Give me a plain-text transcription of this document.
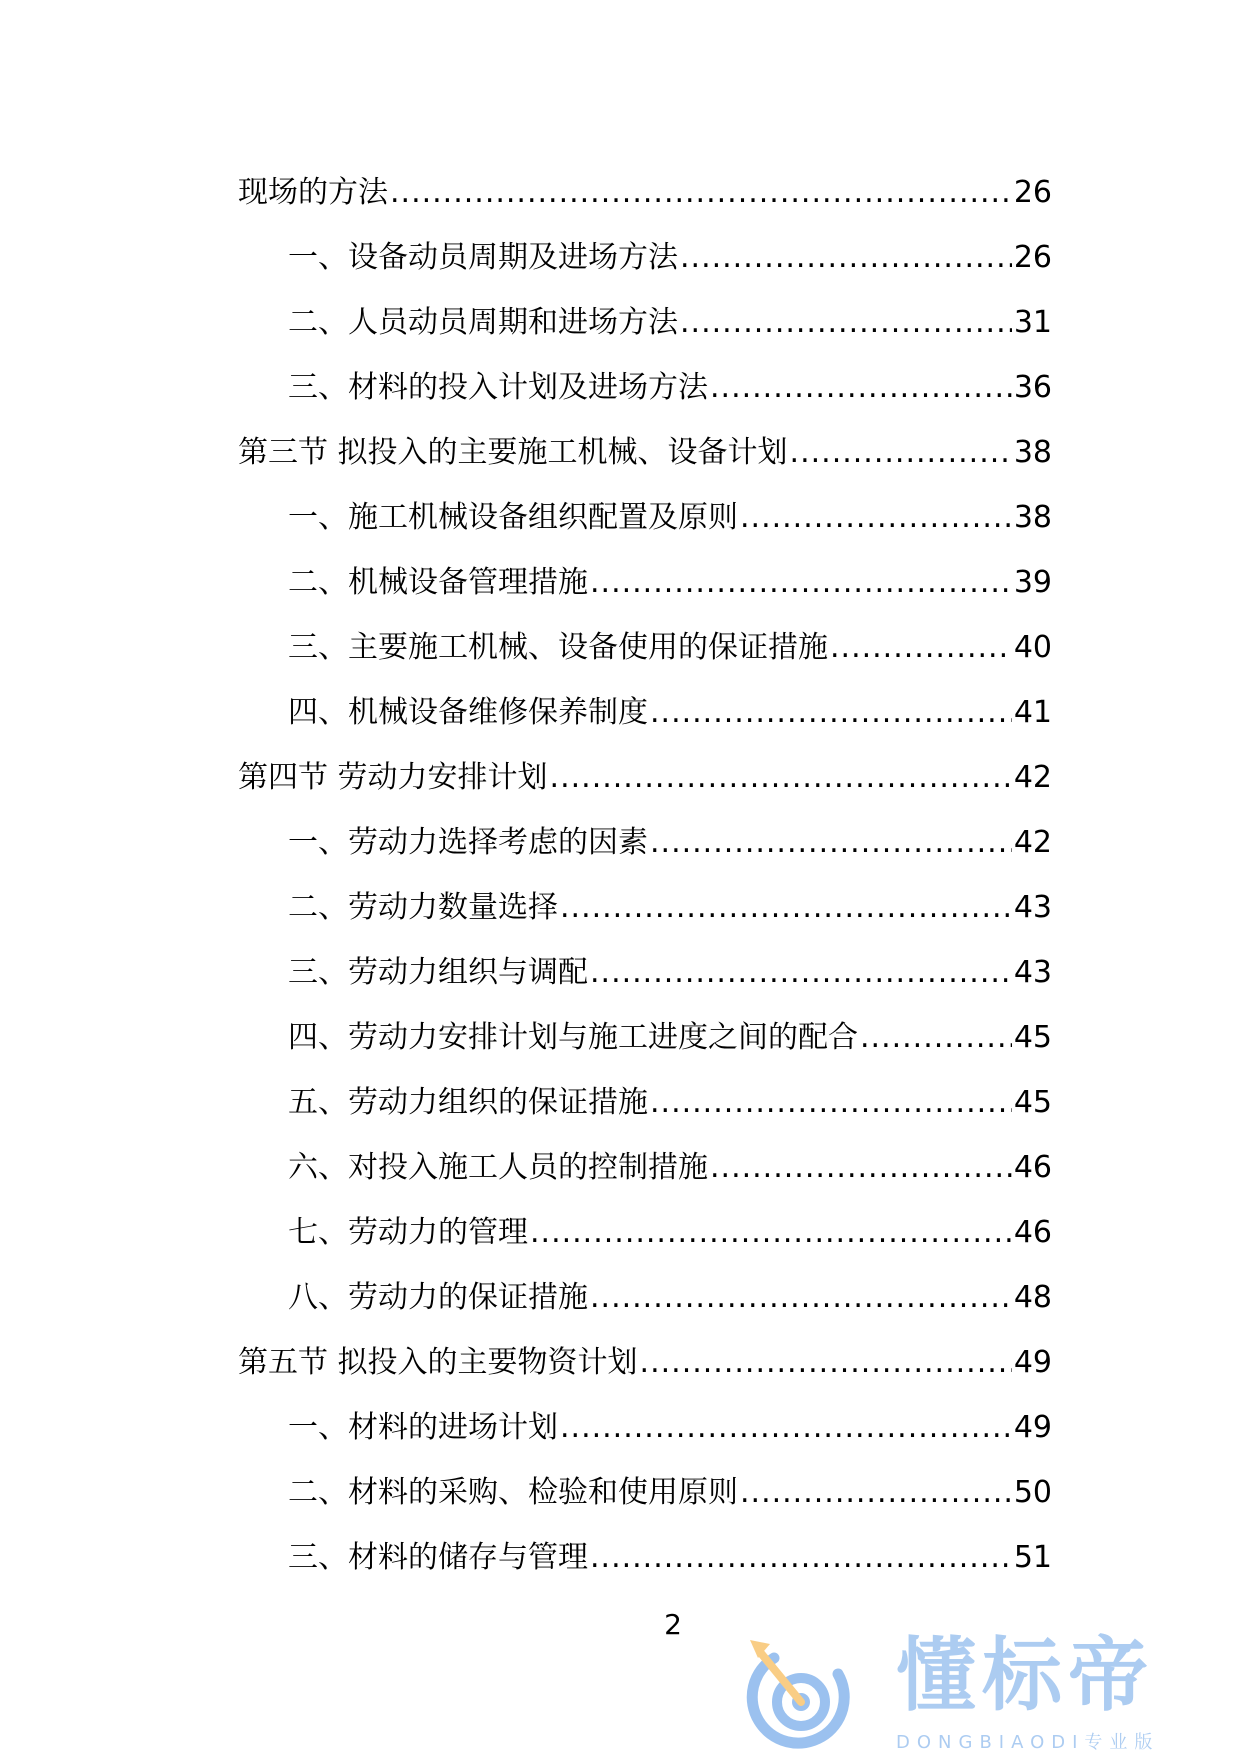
现场的方法 .....	26
一、设备动员周期及进场方法 .....	26
二、人员动员周期和进场方法 .....	31
三、材料的投入计划及进场方法 .....	36
第三节 拟投入的主要施工机械、设备计划 .....	38
一、施工机械设备组织配置及原则 .....	38
二、机械设备管理措施 .....	39
三、主要施工机械、设备使用的保证措施 .....	40
四、机械设备维修保养制度 .....	41
第四节 劳动力安排计划 .....	42
一、劳动力选择考虑的因素 .....	42
二、劳动力数量选择 .....	43
三、劳动力组织与调配 .....	43
四、劳动力安排计划与施工进度之间的配合 .....	45
五、劳动力组织的保证措施 .....	45
六、对投入施工人员的控制措施 .....	46
七、劳动力的管理 .....	46
八、劳动力的保证措施 .....	48
第五节 拟投入的主要物资计划 .....	49
一、材料的进场计划 .....	49
二、材料的采购、检验和使用原则 .....	50
三、材料的储存与管理 .....	51
2
懂标帝
DONGBIAODI专业版
